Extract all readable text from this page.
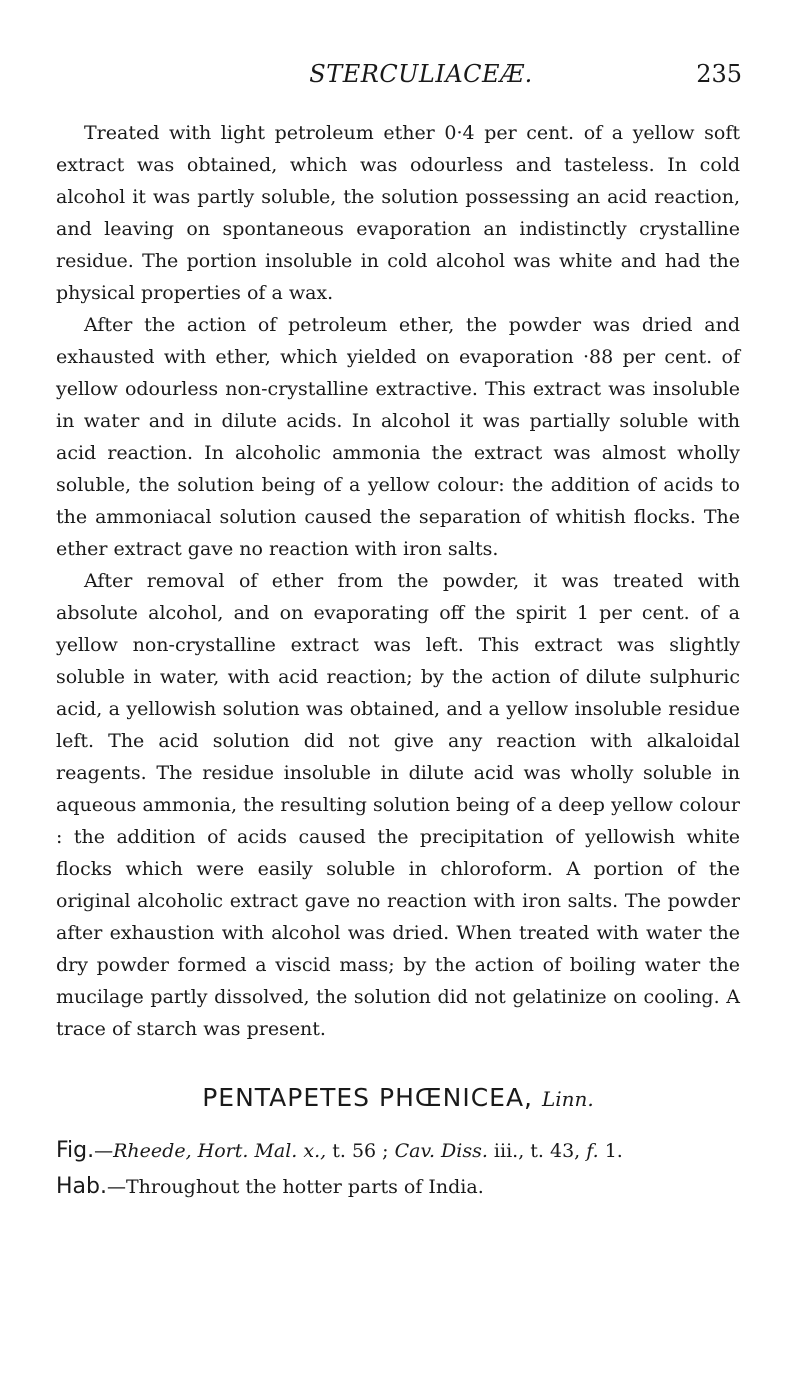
STERCULIACEÆ.	235

Treated with light petroleum ether 0·4 per cent. of a yellow soft extract was obtained, which was odourless and tasteless. In cold alcohol it was partly soluble, the solution possessing an acid reaction, and leaving on spontaneous evaporation an indistinctly crystalline residue. The portion insoluble in cold alcohol was white and had the physical properties of a wax.

After the action of petroleum ether, the powder was dried and exhausted with ether, which yielded on evaporation ·88 per cent. of yellow odourless non-crystalline extractive. This extract was insoluble in water and in dilute acids. In alcohol it was partially soluble with acid reaction. In alcoholic ammonia the extract was almost wholly soluble, the solution being of a yellow colour: the addition of acids to the ammoniacal solution caused the separation of whitish flocks. The ether extract gave no reaction with iron salts.

After removal of ether from the powder, it was treated with absolute alcohol, and on evaporating off the spirit 1 per cent. of a yellow non-crystalline extract was left. This extract was slightly soluble in water, with acid reaction; by the action of dilute sulphuric acid, a yellowish solution was obtained, and a yellow insoluble residue left. The acid solution did not give any reaction with alkaloidal reagents. The residue insoluble in dilute acid was wholly soluble in aqueous ammonia, the resulting solution being of a deep yellow colour : the addition of acids caused the precipitation of yellowish white flocks which were easily soluble in chloroform. A portion of the original alcoholic extract gave no reaction with iron salts. The powder after exhaustion with alcohol was dried. When treated with water the dry powder formed a viscid mass; by the action of boiling water the mucilage partly dissolved, the solution did not gelatinize on cooling. A trace of starch was present.

PENTAPETES PHŒNICEA, Linn.
Fig.—Rheede, Hort. Mal. x., t. 56 ; Cav. Diss. iii., t. 43, f. 1.
Hab.—Throughout the hotter parts of India.
